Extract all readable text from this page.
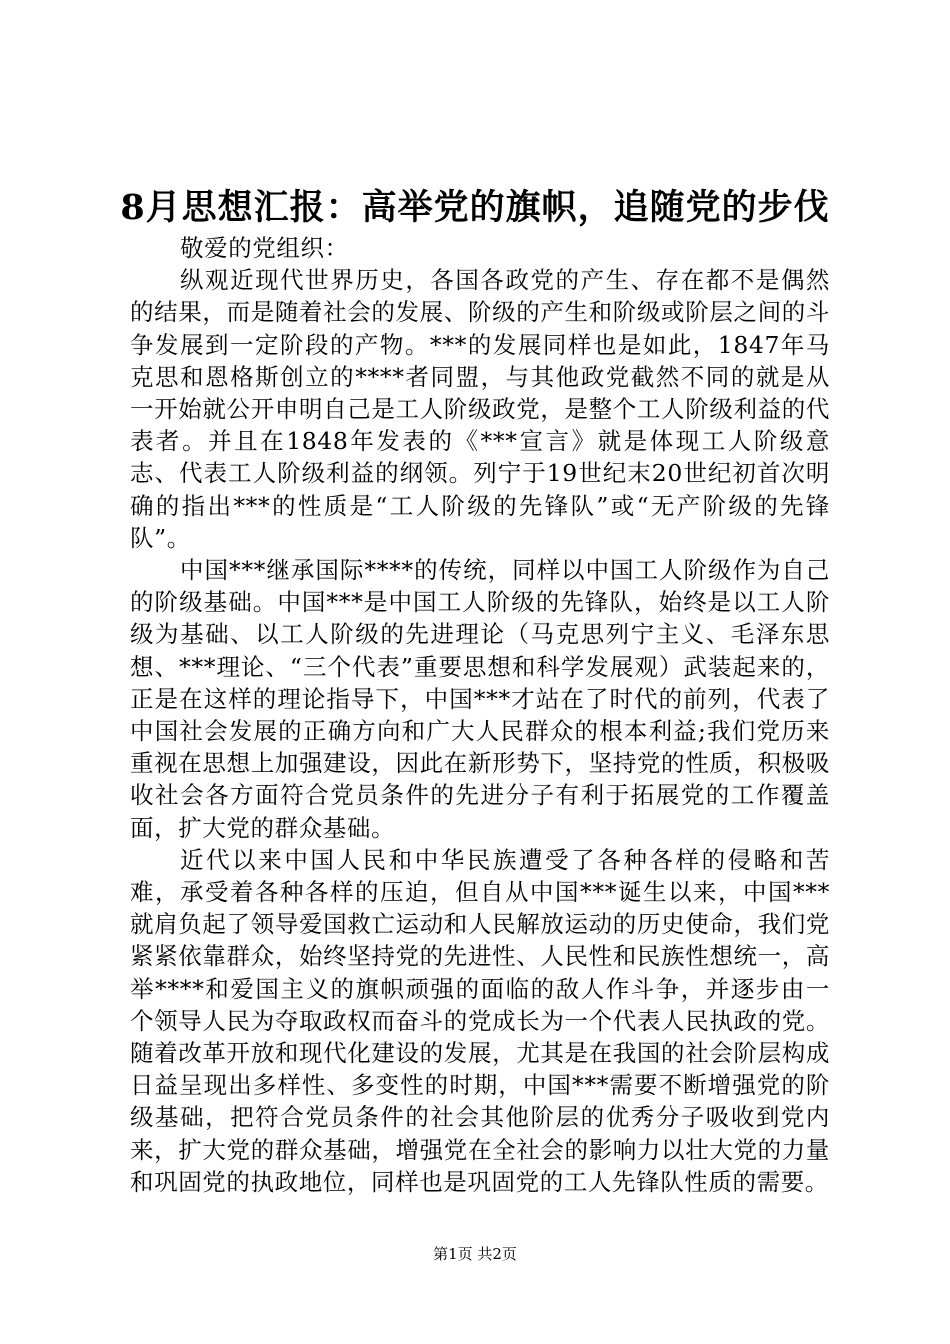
8月思想汇报：高举党的旗帜，追随党的步伐

敬爱的党组织：

纵观近现代世界历史，各国各政党的产生、存在都不是偶然的结果，而是随着社会的发展、阶级的产生和阶级或阶层之间的斗争发展到一定阶段的产物。***的发展同样也是如此，1847年马克思和恩格斯创立的****者同盟，与其他政党截然不同的就是从一开始就公开申明自己是工人阶级政党，是整个工人阶级利益的代表者。并且在1848年发表的《***宣言》就是体现工人阶级意志、代表工人阶级利益的纲领。列宁于19世纪末20世纪初首次明确的指出***的性质是“工人阶级的先锋队”或“无产阶级的先锋队”。

中国***继承国际****的传统，同样以中国工人阶级作为自己的阶级基础。中国***是中国工人阶级的先锋队，始终是以工人阶级为基础、以工人阶级的先进理论（马克思列宁主义、毛泽东思想、***理论、“三个代表”重要思想和科学发展观）武装起来的，正是在这样的理论指导下，中国***才站在了时代的前列，代表了中国社会发展的正确方向和广大人民群众的根本利益;我们党历来重视在思想上加强建设，因此在新形势下，坚持党的性质，积极吸收社会各方面符合党员条件的先进分子有利于拓展党的工作覆盖面，扩大党的群众基础。

近代以来中国人民和中华民族遭受了各种各样的侵略和苦难，承受着各种各样的压迫，但自从中国***诞生以来，中国***就肩负起了领导爱国救亡运动和人民解放运动的历史使命，我们党紧紧依靠群众，始终坚持党的先进性、人民性和民族性想统一，高举****和爱国主义的旗帜顽强的面临的敌人作斗争，并逐步由一个领导人民为夺取政权而奋斗的党成长为一个代表人民执政的党。随着改革开放和现代化建设的发展，尤其是在我国的社会阶层构成日益呈现出多样性、多变性的时期，中国***需要不断增强党的阶级基础，把符合党员条件的社会其他阶层的优秀分子吸收到党内来，扩大党的群众基础，增强党在全社会的影响力以壮大党的力量和巩固党的执政地位，同样也是巩固党的工人先锋队性质的需要。

第1页 共2页
